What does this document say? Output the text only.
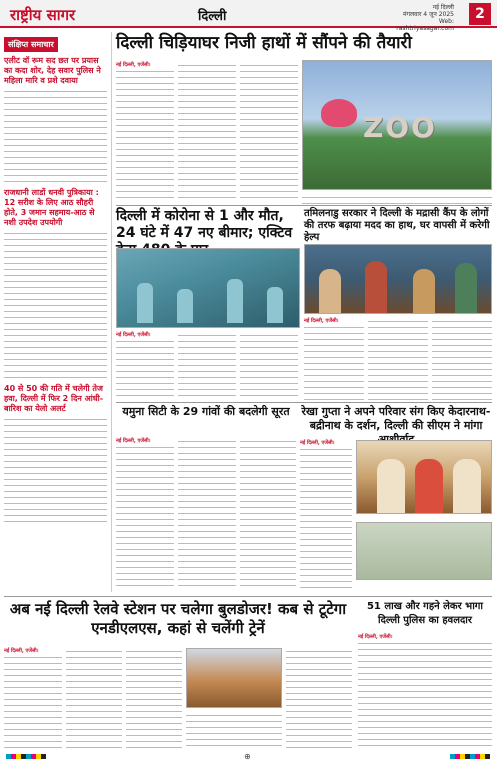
राष्ट्रीय सागर	दिल्ली
नई दिल्ली
मंगलवार 4 जून 2025
Web: rashtriyasagar.com
2
संक्षिप्त समाचार
एलीट वॉ रूम सद छत पर प्रयास का कदा शोर, देह सवार पुलिस ने महिला मारि व प्रशे दवाया
राजधानी लाडों धनवी पुत्रिकाया : 12 सरीश के लिए आठ सौहरी होते, 3 जमान सहमाय-आठ से नशी उपदेश उपयोगी
40 से 50 की गति में चलेगी तेज हवा, दिल्ली में फिर 2 दिन आंधी-बारिश का येलो अलर्ट
दिल्ली चिड़ियाघर निजी हाथों में सौंपने की तैयारी
नई दिल्ली, एजेंसी।
ZOO
दिल्ली में कोरोना से 1 और मौत, 24 घंटे में 47 नए बीमार; एक्टिव
नई दिल्ली, एजेंसी।
तमिलनाडु सरकार ने दिल्ली के मद्रासी कैंप के लोगों की तरफ बढ़ाया मदद का हाथ, घर वापसी में करेगी हेल्प
नई दिल्ली, एजेंसी।
यमुना सिटी के 29 गांवों की बदलेगी सूरत
नई दिल्ली, एजेंसी।
रेखा गुप्ता ने अपने परिवार संग किए केदारनाथ-बद्रीनाथ के दर्शन, दिल्ली की सीएम ने मांगा
नई दिल्ली, एजेंसी।
अब नई दिल्ली रेलवे स्टेशन पर चलेगा बुलडोजर! कब से टूटेगा एनडीएलएस, कहां से चलेंगी ट्रेनें
नई दिल्ली, एजेंसी।
51 लाख और गहने लेकर भागा दिल्ली पुलिस का हवलदार
नई दिल्ली, एजेंसी।
⊕
